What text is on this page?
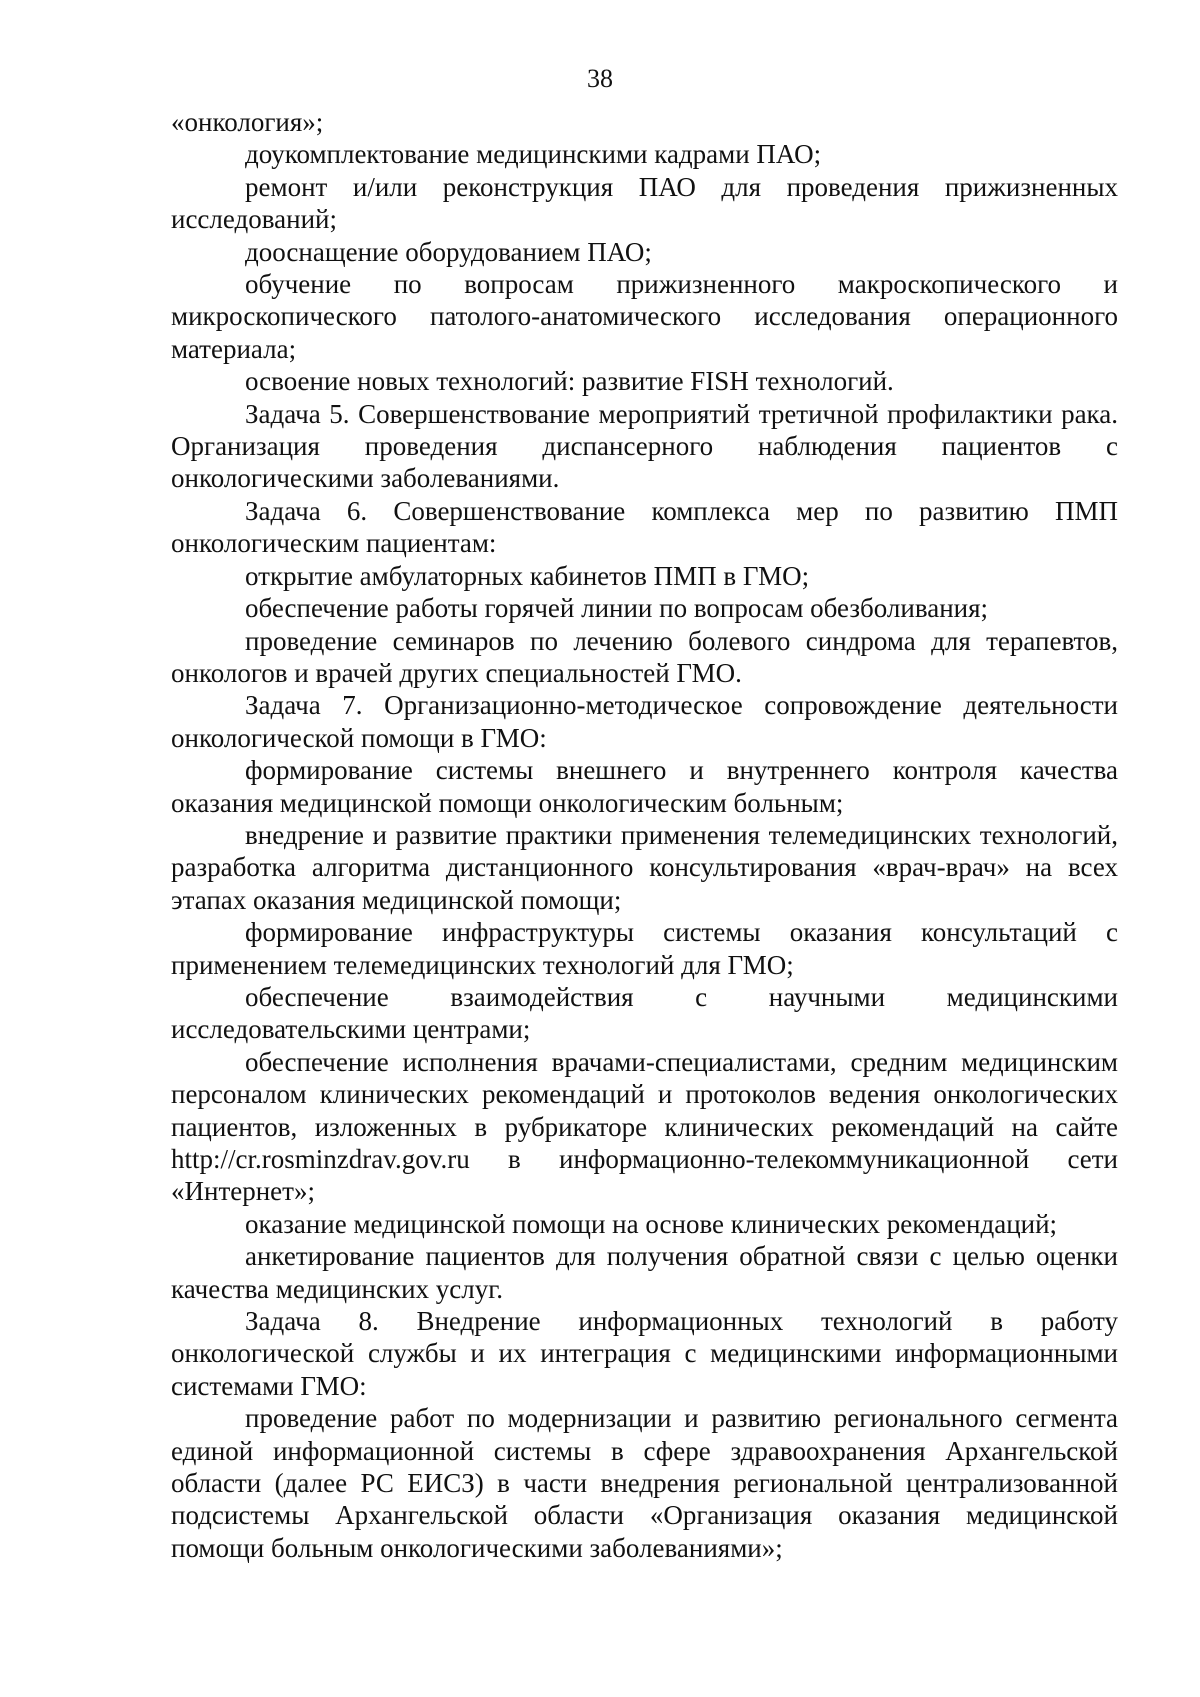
38

«онкология»;

доукомплектование медицинскими кадрами ПАО;

ремонт и/или реконструкция ПАО для проведения прижизненных исследований;

дооснащение оборудованием ПАО;

обучение по вопросам прижизненного макроскопического и микроскопического патолого-анатомического исследования операционного материала;

освоение новых технологий: развитие FISH технологий.

Задача 5. Совершенствование мероприятий третичной профилактики рака. Организация проведения диспансерного наблюдения пациентов с онкологическими заболеваниями.

Задача 6. Совершенствование комплекса мер по развитию ПМП онкологическим пациентам:

открытие амбулаторных кабинетов ПМП в ГМО;

обеспечение работы горячей линии по вопросам обезболивания;

проведение семинаров по лечению болевого синдрома для терапевтов, онкологов и врачей других специальностей ГМО.

Задача 7. Организационно-методическое сопровождение деятельности онкологической помощи в ГМО:

формирование системы внешнего и внутреннего контроля качества оказания медицинской помощи онкологическим больным;

внедрение и развитие практики применения телемедицинских технологий, разработка алгоритма дистанционного консультирования «врач-врач» на всех этапах оказания медицинской помощи;

формирование инфраструктуры системы оказания консультаций с применением телемедицинских технологий для ГМО;

обеспечение взаимодействия с научными медицинскими исследовательскими центрами;

обеспечение исполнения врачами-специалистами, средним медицинским персоналом клинических рекомендаций и протоколов ведения онкологических пациентов, изложенных в рубрикаторе клинических рекомендаций на сайте http://cr.rosminzdrav.gov.ru в информационно-телекоммуникационной сети «Интернет»;

оказание медицинской помощи на основе клинических рекомендаций;

анкетирование пациентов для получения обратной связи с целью оценки качества медицинских услуг.

Задача 8. Внедрение информационных технологий в работу онкологической службы и их интеграция с медицинскими информационными системами ГМО:

проведение работ по модернизации и развитию регионального сегмента единой информационной системы в сфере здравоохранения Архангельской области (далее РС ЕИСЗ) в части внедрения региональной централизованной подсистемы Архангельской области «Организация оказания медицинской помощи больным онкологическими заболеваниями»;
